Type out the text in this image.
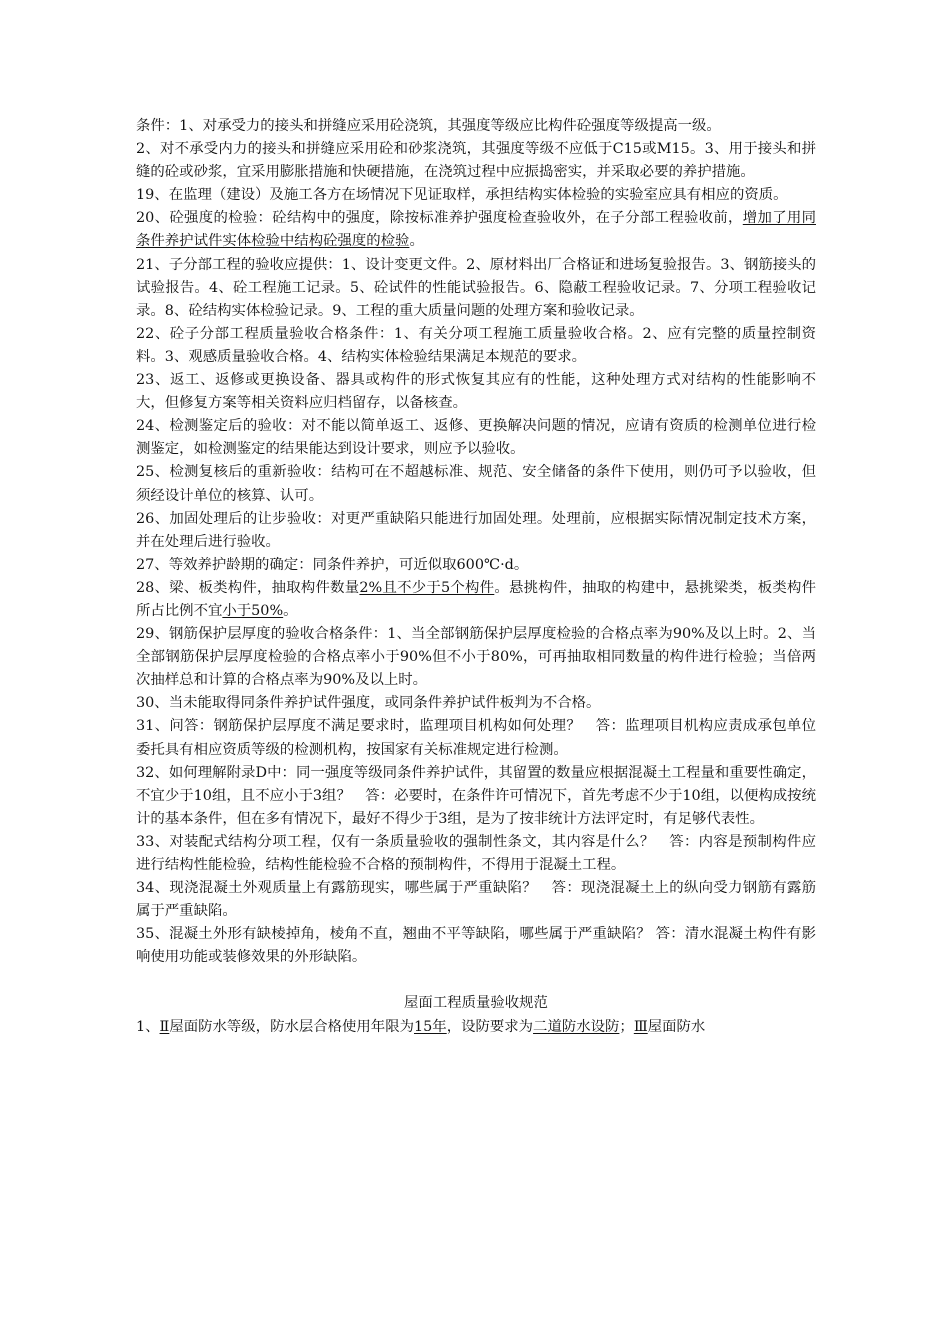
条件：1、对承受力的接头和拼缝应采用砼浇筑，其强度等级应比构件砼强度等级提高一级。

2、对不承受内力的接头和拼缝应采用砼和砂浆浇筑，其强度等级不应低于C15或M15。3、用于接头和拼缝的砼或砂浆，宜采用膨胀措施和快硬措施，在浇筑过程中应振捣密实，并采取必要的养护措施。

19、在监理（建设）及施工各方在场情况下见证取样，承担结构实体检验的实验室应具有相应的资质。

20、砼强度的检验：砼结构中的强度，除按标准养护强度检查验收外，在子分部工程验收前，增加了用同条件养护试件实体检验中结构砼强度的检验。

21、子分部工程的验收应提供：1、设计变更文件。2、原材料出厂合格证和进场复验报告。3、钢筋接头的试验报告。4、砼工程施工记录。5、砼试件的性能试验报告。6、隐蔽工程验收记录。7、分项工程验收记录。8、砼结构实体检验记录。9、工程的重大质量问题的处理方案和验收记录。

22、砼子分部工程质量验收合格条件：1、有关分项工程施工质量验收合格。2、应有完整的质量控制资料。3、观感质量验收合格。4、结构实体检验结果满足本规范的要求。

23、返工、返修或更换设备、器具或构件的形式恢复其应有的性能，这种处理方式对结构的性能影响不大，但修复方案等相关资料应归档留存，以备核查。

24、检测鉴定后的验收：对不能以简单返工、返修、更换解决问题的情况，应请有资质的检测单位进行检测鉴定，如检测鉴定的结果能达到设计要求，则应予以验收。

25、检测复核后的重新验收：结构可在不超越标准、规范、安全储备的条件下使用，则仍可予以验收，但须经设计单位的核算、认可。

26、加固处理后的让步验收：对更严重缺陷只能进行加固处理。处理前，应根据实际情况制定技术方案，并在处理后进行验收。

27、等效养护龄期的确定：同条件养护，可近似取600℃·d。

28、梁、板类构件，抽取构件数量2%且不少于5个构件。悬挑构件，抽取的构建中，悬挑梁类，板类构件所占比例不宜小于50%。

29、钢筋保护层厚度的验收合格条件：1、当全部钢筋保护层厚度检验的合格点率为90%及以上时。2、当全部钢筋保护层厚度检验的合格点率小于90%但不小于80%，可再抽取相同数量的构件进行检验；当倍两次抽样总和计算的合格点率为90%及以上时。

30、当未能取得同条件养护试件强度，或同条件养护试件板判为不合格。

31、问答：钢筋保护层厚度不满足要求时，监理项目机构如何处理？　答：监理项目机构应责成承包单位委托具有相应资质等级的检测机构，按国家有关标准规定进行检测。

32、如何理解附录D中：同一强度等级同条件养护试件，其留置的数量应根据混凝土工程量和重要性确定，不宜少于10组，且不应小于3组？　答：必要时，在条件许可情况下，首先考虑不少于10组，以便构成按统计的基本条件，但在多有情况下，最好不得少于3组，是为了按非统计方法评定时，有足够代表性。

33、对装配式结构分项工程，仅有一条质量验收的强制性条文，其内容是什么？　答：内容是预制构件应进行结构性能检验，结构性能检验不合格的预制构件，不得用于混凝土工程。

34、现浇混凝土外观质量上有露筋现实，哪些属于严重缺陷？　答：现浇混凝土上的纵向受力钢筋有露筋属于严重缺陷。

35、混凝土外形有缺棱掉角，棱角不直，翘曲不平等缺陷，哪些属于严重缺陷？ 答：清水混凝土构件有影响使用功能或装修效果的外形缺陷。

屋面工程质量验收规范

1、Ⅱ屋面防水等级，防水层合格使用年限为15年，设防要求为二道防水设防；Ⅲ屋面防水
